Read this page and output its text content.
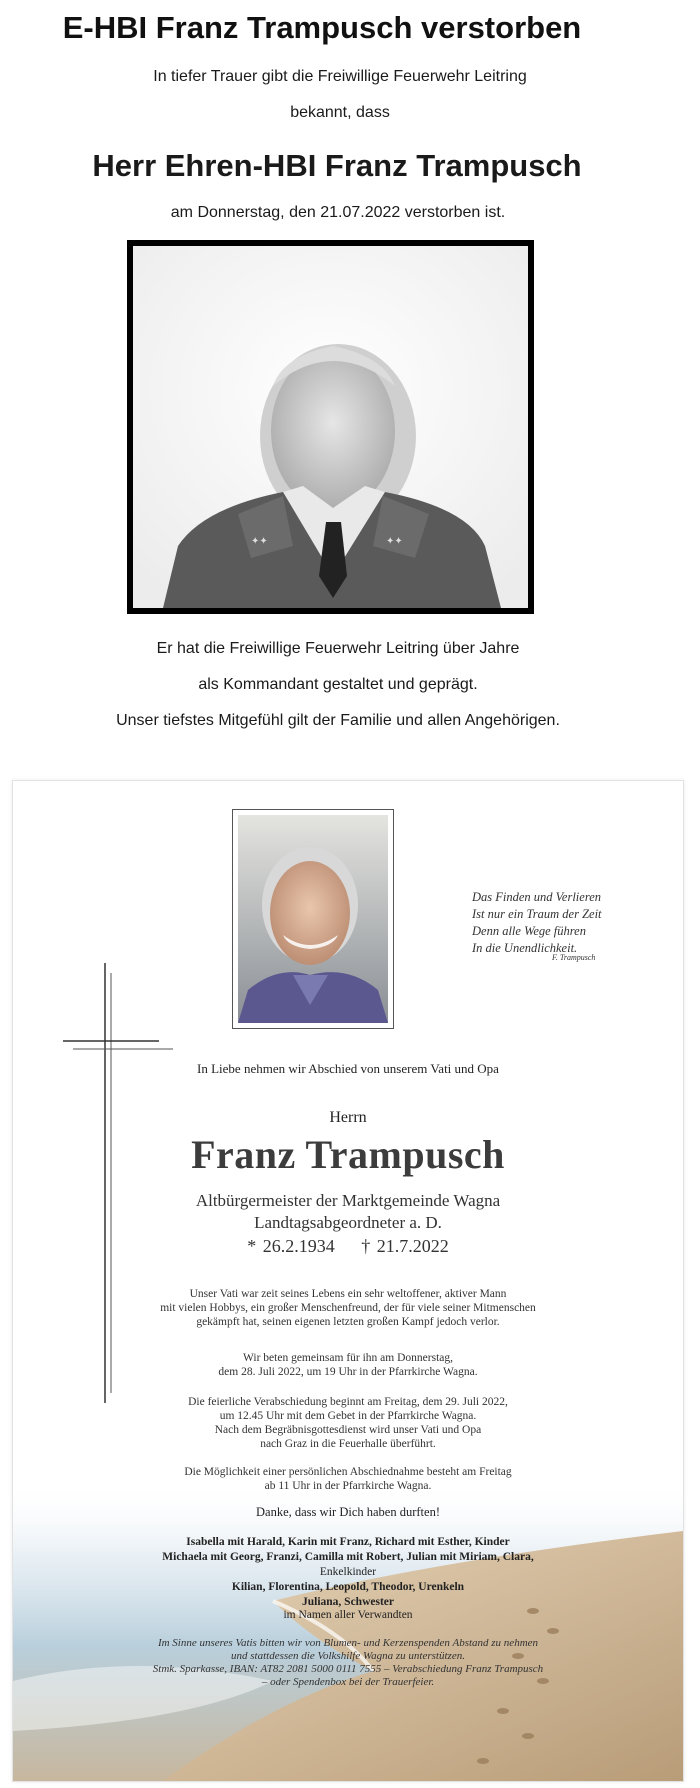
E-HBI Franz Trampusch verstorben
In tiefer Trauer gibt die Freiwillige Feuerwehr Leitring
bekannt, dass
Herr Ehren-HBI Franz Trampusch
am Donnerstag, den 21.07.2022 verstorben ist.
✦✦	✦✦
Er hat die Freiwillige Feuerwehr Leitring über Jahre
als Kommandant gestaltet und geprägt.
Unser tiefstes Mitgefühl gilt der Familie und allen Angehörigen.
Das Finden und Verlieren
Ist nur ein Traum der Zeit
Denn alle Wege führen
In die Unendlichkeit.
F. Trampusch
In Liebe nehmen wir Abschied von unserem Vati und Opa
Herrn
Franz Trampusch
Altbürgermeister der Marktgemeinde Wagna
Landtagsabgeordneter a. D.
* 26.2.1934 † 21.7.2022
Unser Vati war zeit seines Lebens ein sehr weltoffener, aktiver Mann
mit vielen Hobbys, ein großer Menschenfreund, der für viele seiner Mitmenschen
gekämpft hat, seinen eigenen letzten großen Kampf jedoch verlor.
Wir beten gemeinsam für ihn am Donnerstag,
dem 28. Juli 2022, um 19 Uhr in der Pfarrkirche Wagna.
Die feierliche Verabschiedung beginnt am Freitag, dem 29. Juli 2022,
um 12.45 Uhr mit dem Gebet in der Pfarrkirche Wagna.
Nach dem Begräbnisgottesdienst wird unser Vati und Opa
nach Graz in die Feuerhalle überführt.
Die Möglichkeit einer persönlichen Abschiednahme besteht am Freitag
ab 11 Uhr in der Pfarrkirche Wagna.
Danke, dass wir Dich haben durften!
Isabella mit Harald, Karin mit Franz, Richard mit Esther, Kinder
Michaela mit Georg, Franzi, Camilla mit Robert, Julian mit Miriam, Clara,
Enkelkinder
Kilian, Florentina, Leopold, Theodor, Urenkeln
Juliana, Schwester
im Namen aller Verwandten
Im Sinne unseres Vatis bitten wir von Blumen- und Kerzenspenden Abstand zu nehmen
und stattdessen die Volkshilfe Wagna zu unterstützen.
Stmk. Sparkasse, IBAN: AT82 2081 5000 0111 7555 – Verabschiedung Franz Trampusch
– oder Spendenbox bei der Trauerfeier.
